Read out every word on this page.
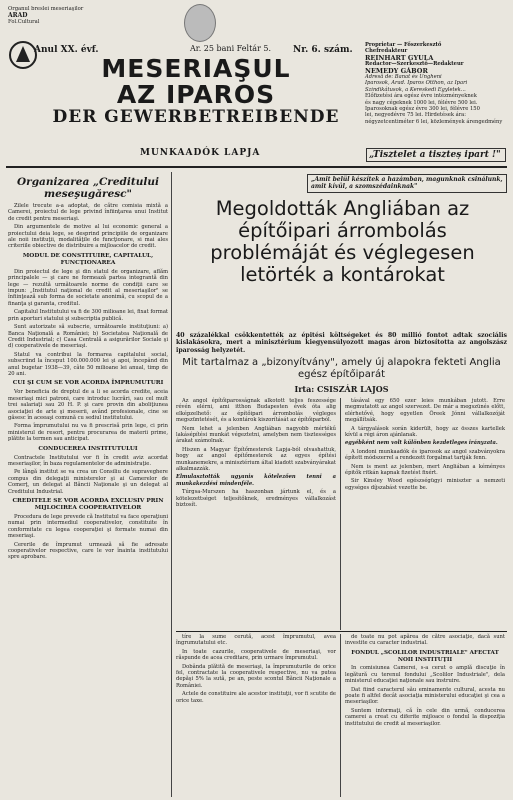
Organul breslei meseriaşilor
ARAD
Fol.Cultural
Anul XX. évf.	Ar. 25 bani Feltár 5. Nr. 6. szám.
MESERIAŞUL
AZ IPAROS
DER GEWERBETREIBENDE
Proprietar — Főszerkesztő
Chefredakteur
REINHART GYULA
Redactor—Szerkesztő—Redakteur
NEMEDY GÁBOR
Adresă de: Banat és Ungheni
Iparosok, Arad. Iparos Otthon, az Ipari
Szindikátusok, a Kereskedi Egyletek...
Előfizetési ára egész évre intézményeknek
és nagy cégeknek 1000 lei, félévre 500 lei.
Iparosoknak egész évre 300 lei, félévre 150
lei, negyedévre 75 lei. Hirdetések ára:
négyzetcentiméter 6 lei, közlemények árengedmény
MUNKAADÓK LAPJA	„Tisztelet a tiszteș ipart !"
Organizarea „Creditului meseşugăresc"

Zilele trecute a-a adoptat, de către comisia mixtă a Camerei, proiectul de lege privind înfiinţarea unui Institut de credit pentru meseriaşi.

Din argumentele de motive al lui economic general a proiectului deia lege, se desprind principiile de organizare ale noii instituţii, modalităţile de funcţionare, si mai ales criteriile obiective de distribuire a mijloacelor de credit.

MODUL DE CONSTITUIRE, CAPITALUL, FUNCŢIONAREA

Din proiectul de lege şi din statul de organizare, aflăm principalele — şi care ne formează partea integrantă din lege — rezultă următoarele norme de condiţii care se impun: „Institutul naţional de credit al meseriaşilor" se înfiinţează sub forma de societate anonimă, cu scopul de a finanţa şi garanta, creditul.

Capitalul Institutului va fi de 300 milioane lei, fixat format prin aporturi statului şi subscriptia publică.

Sunt autorizate să subscrie, următoarele instituţiuni: a) Banca Naţională a României; b) Societatea Naţională de Credit Industrial; c) Casa Centrală a asigurărilor Sociale şi d) cooperativele de meseriaşi.

Statul va contribui la formarea capitalului social, subscriind la început 100.000.000 lei şi apoi, începând din anul bugetar 1938—39, câte 50 milioane lei anual, timp de 20 ani.

CUI ŞI CUM SE VOR ACORDA ÎMPRUMUTURI

Vor beneficia de dreptul de a li se acorda credite, aceia meseriaşi mici patroni, care introduc lucrări, sau cel mult trei salariaţi sau 20 H. P. şi care provin din aboliţiunea asociaţiei de arte şi meserii, având profesionale, cine se găsesc în aceeaşi comună cu sediul institutului.

Forma împrumutului nu va fi prescrisă prin lege, ci prin ministerul de resort, pentru procurarea de materii prime, plătite la termen sau anticipat.

CONDUCEREA INSTITUTULUI

Contractele Institutului vor fi în credit aviz acordat meseriaşilor, în baza regulamentelor de administraţie.

Pe lângă institut se va crea un Consiliu de supraveghere compus din delegaţii ministerelor şi ai Camerelor de Comerţ, un delegat al Băncii Naţionale şi un delegat al Creditului Industrial.

CREDITELE SE VOR ACORDA EXCLUSIV PRIN MIJLOCIREA COOPERATIVELOR

Procedura de lege prevede că Institutul va face operaţiuni numai prin intermediul cooperativelor, constituite în conformitate cu legea cooperaţiei şi formate numai din meseriaşi.

Cererile de împrumut urmează să fie adresate cooperativelor respective, care le vor înainta institutului spre aprobare.

„Amit belül készítek a hazámban, magunknak csinálunk, amit kívül, a szomszédainknak"
Megoldották Angliában az építőipari árrombolás problémáját és véglegesen letörték a kontárokat
40 százalékkal csökkentették az épitési költségeket és 80 millió fontot adtak szociális kislakásokra, mert a minisztérium kiegyensúlyozott magas áron biztosította az angolszász iparosság helyzetét.
Mit tartalmaz a „bizonyítvány", amely új alapokra fekteti Anglia egész építőiparát
Irta: CSISZÁR LAJOS

Az angol építőiparosságnak alkotott teljes feszessége révén elérni, ami itthon Budapesten évek óta alig elképzelhető: az építőipari árrombolás végleges megszüntetését, és a kontárok kiszorítását az építőiparból.

Nem lehet a jelenben Angliában nagyobb mértékű lakásépítési munkát végeztetni, amelyben nem tisztességes árakat számolnak.

Hiszen a Magyar Építőmesterek Lapja-ból olvashattuk, hogy az angol építőmesterek az egyes építési munkanemekre, a minisztérium által kiadott szabványárakat alkalmazzák.

Elmulasztották ugyanis kötelezően tenni a munkakezdési mindenféle.

Túrgsa-Murszen ha haszonban jártunk el, és a kötelezettséget teljesítőknek, eredményes vállalkozást biztosít.

tásával egy 650 ezer leies munkában jutott. Erre megmutatott az angol szervezet. De már a megszünés előtt, elérhetővé, hogy egyetlen Öreek Jónni vállalkozóját megállítsák.

A tárgyalások során kiderült, hogy az összes kartellek kívül a régi áron ajánlanak.

egyébként nem volt különben kezdetleges irányzata.

A londoni munkaadók és iparosok az angol szabványokra épített módszerrel a rendezett forgalmat tartják fenn.

Nem is ment az jelenben, mert Angliában a kéményes épitők ritkán kapnak fizetést fixért.

Sir Kinsley Wood egészségügyi miniszter a nemzeti egységes díjszabást vezette be.

tíre la sume cerută, acest împrumutul, avea îngrumutatului etc.

In toate cazurile, cooperativele de meseriaşi, vor răspunde de acea creditare, prin urmare împrumutul.

Dobânda plătită de meseriaşi, la împrumuturile de orice fel, contractate la cooperativele respective, nu va putea depăşi 5% la sută, pe an, peste scontul Băncii Naţionale a României.

Actele de constituire ale acestor instituţii, vor fi scutite de orice taxe.

de toate nu pot apărea de către asociaţie, dacă sunt investite cu caracter industrial.

FONDUL „SCOLILOR INDUSTRIALE" AFECTAT NOII INSTITUŢII

In comisiunea Camerei, s-a cerut o amplă discuţie în legătură cu terenul fondului „Scolilor Industriale", dela ministerul educaţiei naţionale sau instruire.

Dat fiind caracterul său eminamente cultural, acesta nu poate fi altfel decât asociaţia ministerului educaţiei şi cea a meseriaşilor.

Suntem informaţi, că în cele din urmă, conducerea camerei a creat cu diferite mijloace o fondul la dispoziţia institutului de credit al meseriaşilor.
